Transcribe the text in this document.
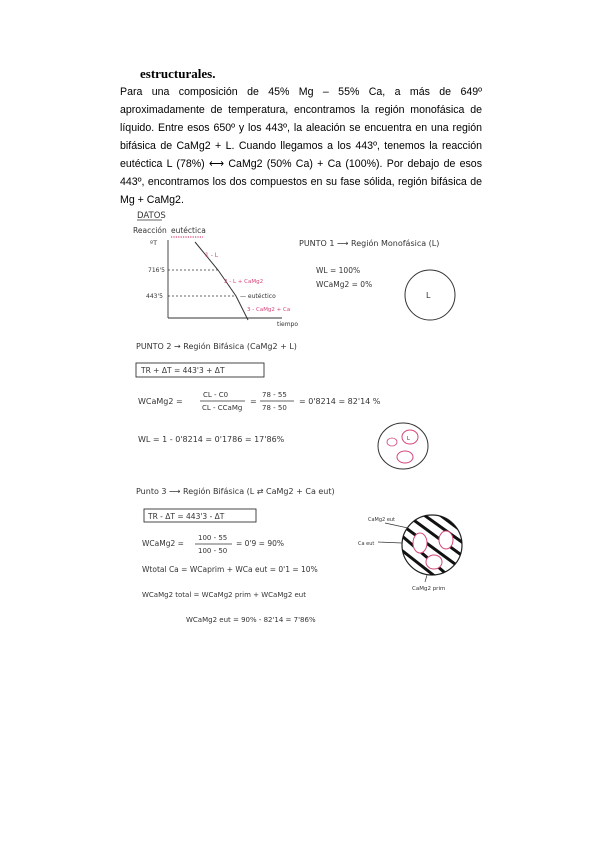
estructurales.
Para una composición de 45% Mg – 55% Ca, a más de 649º aproximadamente de temperatura, encontramos la región monofásica de líquido. Entre esos 650º y los 443º, la aleación se encuentra en una región bifásica de CaMg2 + L. Cuando llegamos a los 443º, tenemos la reacción eutéctica L (78%) ⟷ CaMg2 (50% Ca) + Ca (100%). Por debajo de esos 443º, encontramos los dos compuestos en su fase sólida, región bifásica de Mg + CaMg2.
DATOS
Reacción eutéctica
ºT
716'5
443'5
1 - L
2 - L + CaMg2
— eutéctico
3 - CaMg2 + Ca
tiempo
PUNTO 1 ⟶ Región Monofásica (L)
WL = 100%
WCaMg2 = 0%
L
PUNTO 2 → Región Bifásica (CaMg2 + L)
TR + ΔT = 443'3 + ΔT
WCaMg2 =
CL - C0
CL - CCaMg
=
78 - 55
78 - 50
= 0'8214 = 82'14 %
WL = 1 - 0'8214 = 0'1786 = 17'86%	L
Punto 3 ⟶ Región Bifásica (L ⇄ CaMg2 + Ca eut)
TR - ΔT = 443'3 - ΔT
WCaMg2 =
100 - 55
100 - 50
= 0'9 = 90%
Wtotal Ca = WCaprim + WCa eut = 0'1 = 10%
WCaMg2 total = WCaMg2 prim + WCaMg2 eut
WCaMg2 eut = 90% - 82'14 = 7'86%
CaMg2 eut
Ca eut
CaMg2 prim
